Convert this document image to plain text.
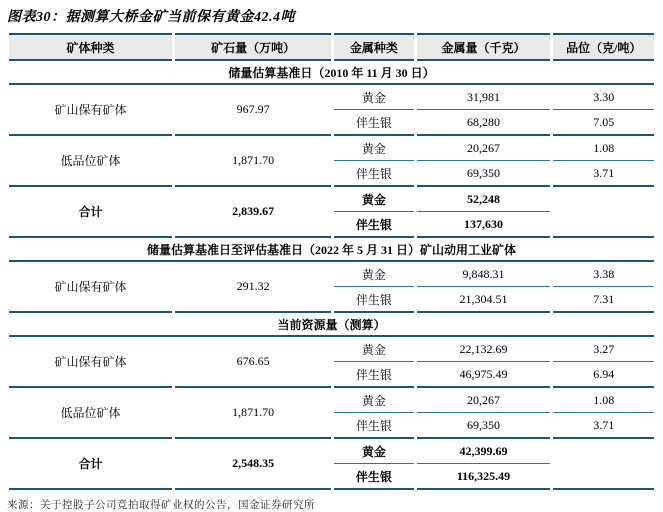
图表30：据测算大桥金矿当前保有黄金42.4吨
矿体种类	矿石量（万吨）	金属种类	金属量（千克）	品位（克/吨）
储量估算基准日（2010 年 11 月 30 日）				
矿山保有矿体	967.97	黄金	31,981	3.30
		伴生银	68,280	7.05
低品位矿体	1,871.70	黄金	20,267	1.08
		伴生银	69,350	3.71
合计	2,839.67	黄金	52,248	
		伴生银	137,630	
储量估算基准日至评估基准日（2022 年 5 月 31 日）矿山动用工业矿体				
矿山保有矿体	291.32	黄金	9,848.31	3.38
		伴生银	21,304.51	7.31
当前资源量（测算）				
矿山保有矿体	676.65	黄金	22,132.69	3.27
		伴生银	46,975.49	6.94
低品位矿体	1,871.70	黄金	20,267	1.08
		伴生银	69,350	3.71
合计	2,548.35	黄金	42,399.69	
		伴生银	116,325.49	
来源：关于控股子公司竞拍取得矿业权的公告，国金证券研究所
